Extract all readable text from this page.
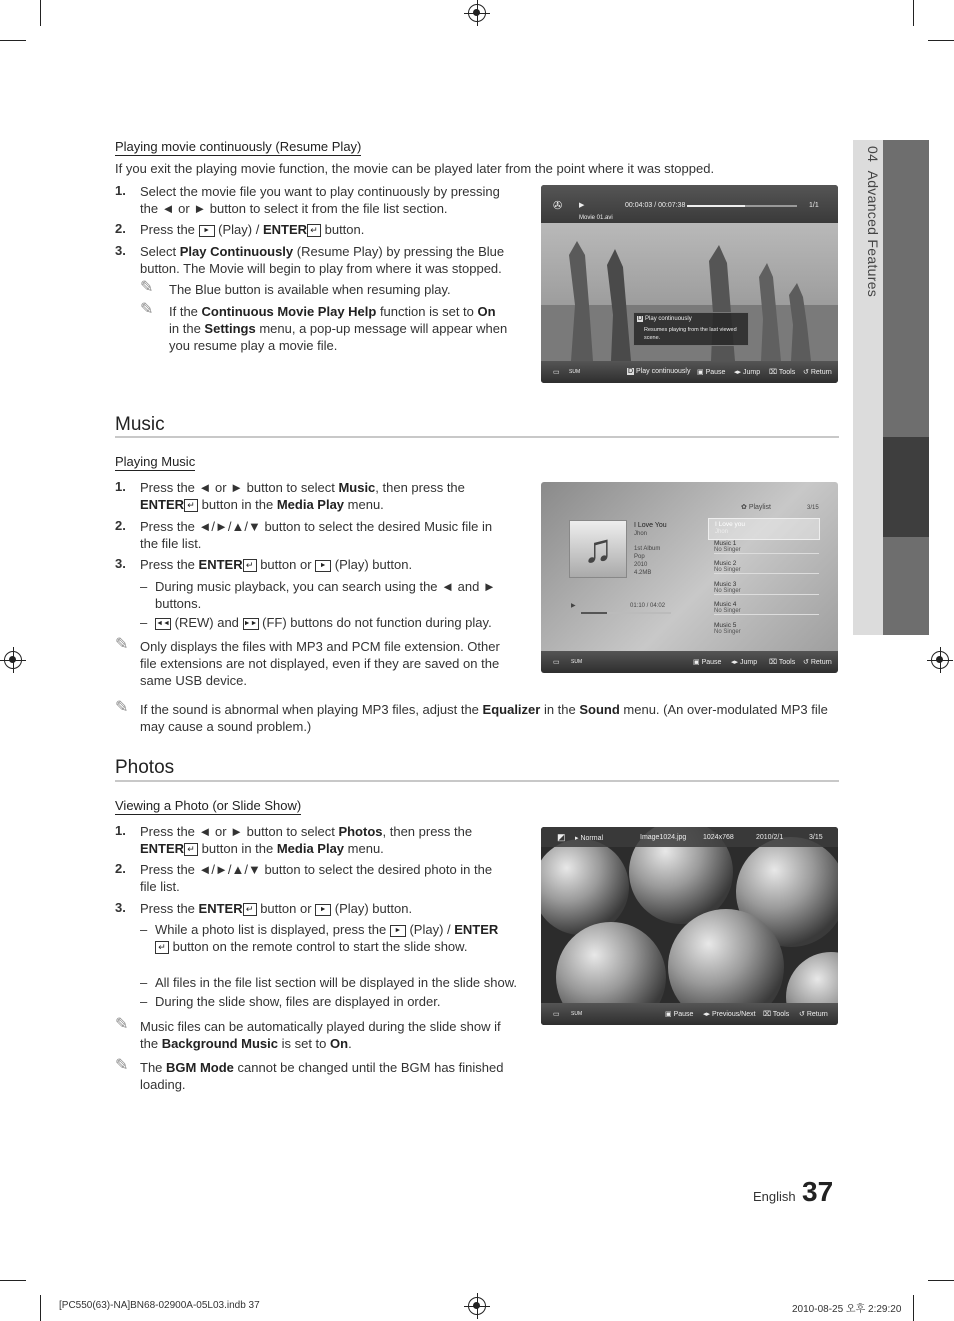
04  Advanced Features
Playing movie continuously (Resume Play)
If you exit the playing movie function, the movie can be played later from the point where it was stopped.
1. Select the movie file you want to play continuously by pressing the ◄ or ► button to select it from the file list section.
2. Press the ► (Play) / ENTER ↵ button.
3. Select Play Continuously (Resume Play) by pressing the Blue button. The Movie will begin to play from where it was stopped.
✎ The Blue button is available when resuming play.
✎ If the Continuous Movie Play Help function is set to On in the Settings menu, a pop-up message will appear when you resume play a movie file.
✇ ▶	00:04:03 / 00:07:38	1/1
Movie 01.avi
D Play continuously
Resumes playing from the last viewed scene.
▭ SUM	D Play continuously ▣ Pause ◂▸ Jump ⌧ Tools ↺ Return
Music
Playing Music
1. Press the ◄ or ► button to select Music, then press the ENTER ↵ button in the Media Play menu.
2. Press the ◄/►/▲/▼ button to select the desired Music file in the file list.
3. Press the ENTER ↵ button or ► (Play) button.
– During music playback, you can search using the ◄ and ► buttons.
– ◄◄ (REW) and ►► (FF) buttons do not function during play.
✎ Only displays the files with MP3 and PCM file extension. Other file extensions are not displayed, even if they are saved on the same USB device.
✎ If the sound is abnormal when playing MP3 files, adjust the Equalizer in the Sound menu. (An over-modulated MP3 file may cause a sound problem.)
♫
I Love You
Jhon
1st Album
Pop
2010
4.2MB
▶	01:10 / 04:02
✿ Playlist	3/15
I Love you
Jhon
Music 1
No Singer
Music 2
No Singer
Music 3
No Singer
Music 4
No Singer
Music 5
No Singer
▭ SUM	▣ Pause ◂▸ Jump ⌧ Tools ↺ Return
Photos
Viewing a Photo (or Slide Show)
1. Press the ◄ or ► button to select Photos, then press the ENTER ↵ button in the Media Play menu.
2. Press the ◄/►/▲/▼ button to select the desired photo in the file list.
3. Press the ENTER ↵ button or ► (Play) button.
– While a photo list is displayed, press the ► (Play) / ENTER↵ button on the remote control to start the slide show.
– All files in the file list section will be displayed in the slide show.
– During the slide show, files are displayed in order.
✎ Music files can be automatically played during the slide show if the Background Music is set to On.
✎ The BGM Mode cannot be changed until the BGM has finished loading.
◩ ▸ Normal	Image1024.jpg 1024x768	2010/2/1	3/15
▭ SUM	▣ Pause ◂▸ Previous/Next ⌧ Tools ↺ Return
English 37
[PC550(63)-NA]BN68-02900A-05L03.indb 37	2010-08-25 오후 2:29:20
